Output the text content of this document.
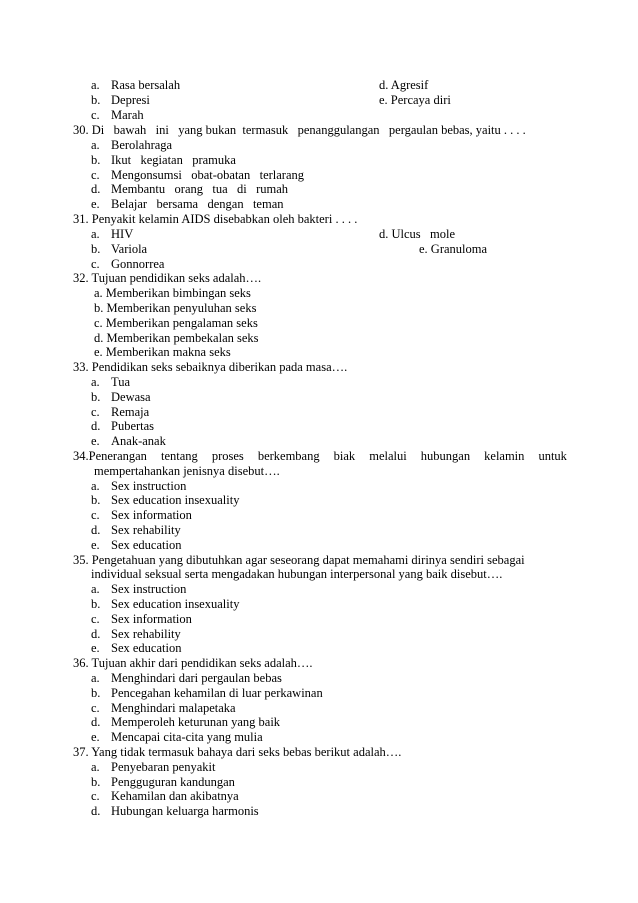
a. Rasa bersalah	d. Agresif
b. Depresi	e. Percaya diri
c. Marah
30. Di   bawah   ini   yang bukan  termasuk   penanggulangan   pergaulan bebas, yaitu . . . .
a. Berolahraga
b. Ikut   kegiatan   pramuka
c. Mengonsumsi   obat-obatan   terlarang
d. Membantu   orang   tua   di   rumah
e. Belajar   bersama   dengan   teman
31. Penyakit kelamin AIDS disebabkan oleh bakteri . . . .
a. HIV	d. Ulcus   mole
b. Variola	e. Granuloma
c. Gonnorrea
32. Tujuan pendidikan seks adalah….
a. Memberikan bimbingan seks
b. Memberikan penyuluhan seks
c. Memberikan pengalaman seks
d. Memberikan pembekalan seks
e. Memberikan makna seks
33. Pendidikan seks sebaiknya diberikan pada masa….
a. Tua
b. Dewasa
c. Remaja
d. Pubertas
e. Anak-anak
34.Penerangan tentang proses berkembang biak melalui hubungan kelamin untuk
mempertahankan jenisnya disebut….
a. Sex instruction
b. Sex education insexuality
c. Sex information
d. Sex rehability
e. Sex education
35. Pengetahuan yang dibutuhkan agar seseorang dapat memahami dirinya sendiri sebagai
individual seksual serta mengadakan hubungan interpersonal yang baik disebut….
a. Sex instruction
b. Sex education insexuality
c. Sex information
d. Sex rehability
e. Sex education
36. Tujuan akhir dari pendidikan seks adalah….
a. Menghindari dari pergaulan bebas
b. Pencegahan kehamilan di luar perkawinan
c. Menghindari malapetaka
d. Memperoleh keturunan yang baik
e. Mencapai cita-cita yang mulia
37. Yang tidak termasuk bahaya dari seks bebas berikut adalah….
a. Penyebaran penyakit
b. Pengguguran kandungan
c. Kehamilan dan akibatnya
d. Hubungan keluarga harmonis
